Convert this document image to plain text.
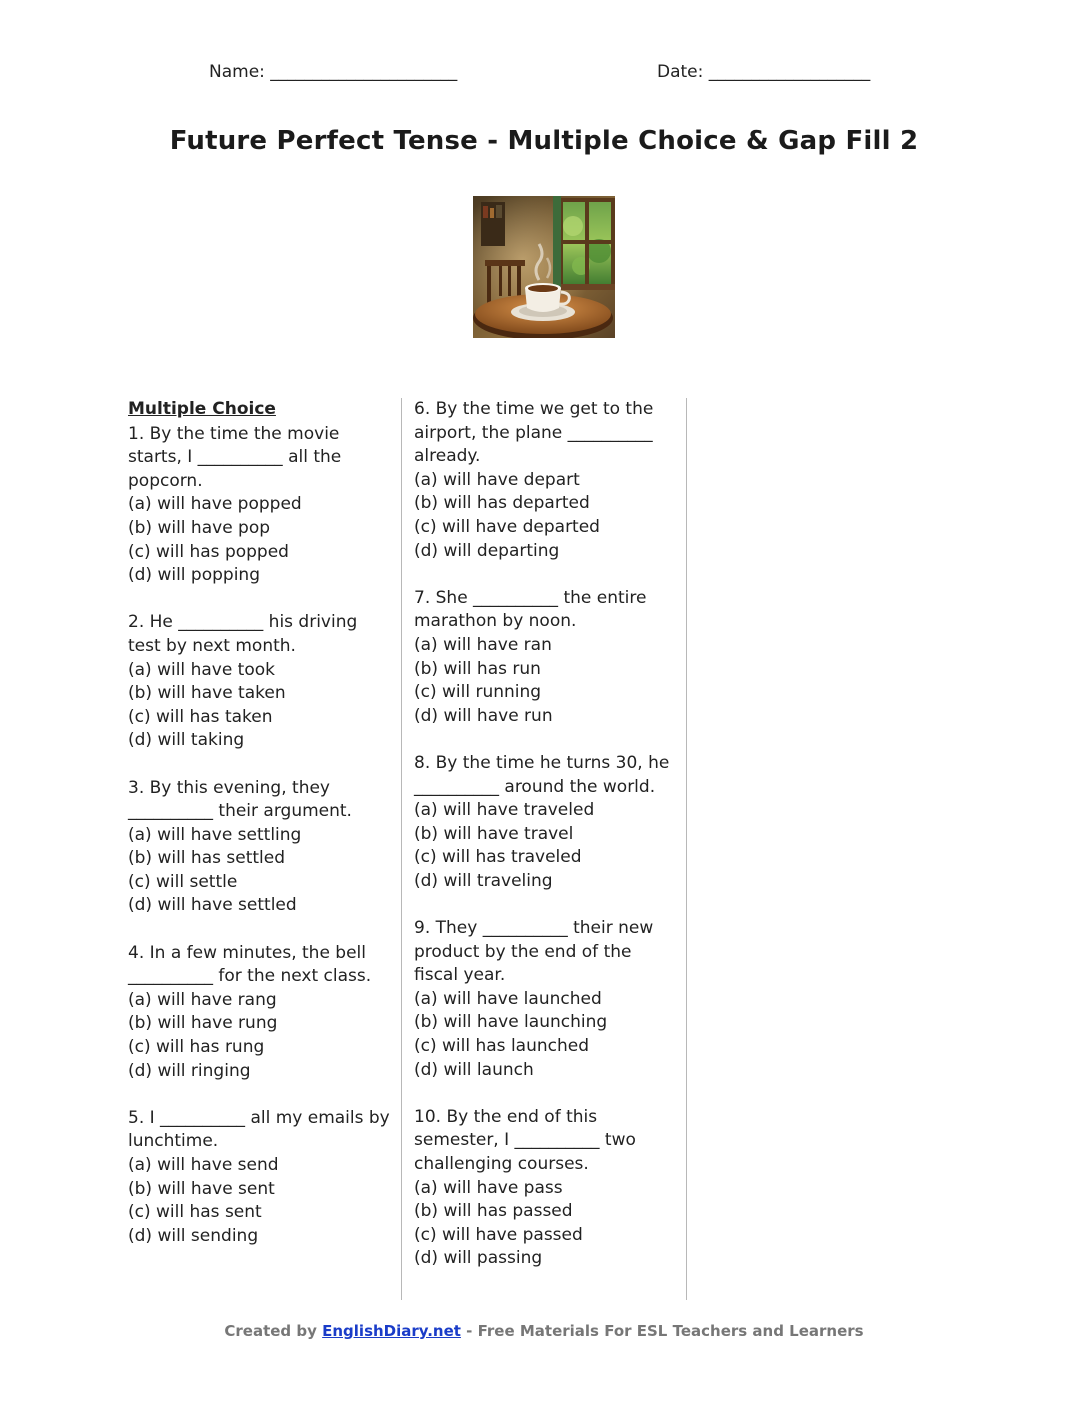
Name: ______________________	Date: ___________________
Future Perfect Tense - Multiple Choice & Gap Fill 2
Multiple Choice
1. By the time the movie starts, I __________ all the popcorn.
(a) will have popped
(b) will have pop
(c) will has popped
(d) will popping
2. He __________ his driving test by next month.
(a) will have took
(b) will have taken
(c) will has taken
(d) will taking
3. By this evening, they __________ their argument.
(a) will have settling
(b) will has settled
(c) will settle
(d) will have settled
4. In a few minutes, the bell __________ for the next class.
(a) will have rang
(b) will have rung
(c) will has rung
(d) will ringing
5. I __________ all my emails by lunchtime.
(a) will have send
(b) will have sent
(c) will has sent
(d) will sending
6. By the time we get to the airport, the plane __________ already.
(a) will have depart
(b) will has departed
(c) will have departed
(d) will departing
7. She __________ the entire marathon by noon.
(a) will have ran
(b) will has run
(c) will running
(d) will have run
8. By the time he turns 30, he __________ around the world.
(a) will have traveled
(b) will have travel
(c) will has traveled
(d) will traveling
9. They __________ their new product by the end of the fiscal year.
(a) will have launched
(b) will have launching
(c) will has launched
(d) will launch
10. By the end of this semester, I __________ two challenging courses.
(a) will have pass
(b) will has passed
(c) will have passed
(d) will passing
Created by EnglishDiary.net - Free Materials For ESL Teachers and Learners
